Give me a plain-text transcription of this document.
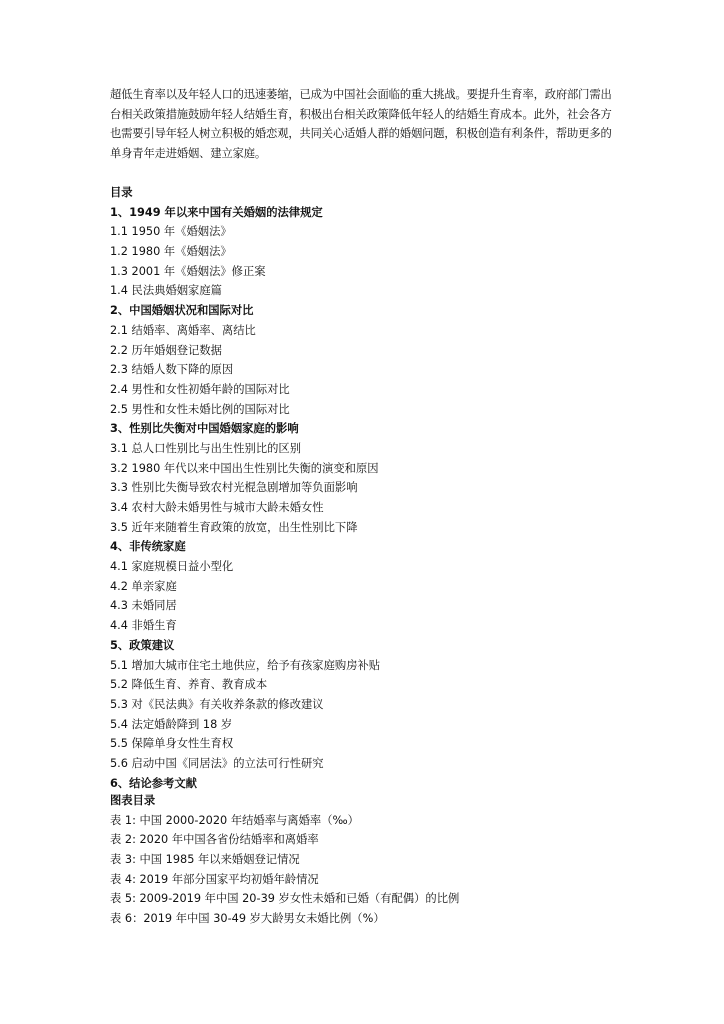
超低生育率以及年轻人口的迅速萎缩，已成为中国社会面临的重大挑战。要提升生育率，政府部门需出台相关政策措施鼓励年轻人结婚生育，积极出台相关政策降低年轻人的结婚生育成本。此外，社会各方也需要引导年轻人树立积极的婚恋观，共同关心适婚人群的婚姻问题，积极创造有利条件，帮助更多的单身青年走进婚姻、建立家庭。

目录
1、1949 年以来中国有关婚姻的法律规定
1.1 1950 年《婚姻法》
1.2 1980 年《婚姻法》
1.3 2001 年《婚姻法》修正案
1.4 民法典婚姻家庭篇
2、中国婚姻状况和国际对比
2.1 结婚率、离婚率、离结比
2.2 历年婚姻登记数据
2.3 结婚人数下降的原因
2.4 男性和女性初婚年龄的国际对比
2.5 男性和女性未婚比例的国际对比
3、性别比失衡对中国婚姻家庭的影响
3.1 总人口性别比与出生性别比的区别
3.2 1980 年代以来中国出生性别比失衡的演变和原因
3.3 性别比失衡导致农村光棍急剧增加等负面影响
3.4 农村大龄未婚男性与城市大龄未婚女性
3.5 近年来随着生育政策的放宽，出生性别比下降
4、非传统家庭
4.1 家庭规模日益小型化
4.2 单亲家庭
4.3 未婚同居
4.4 非婚生育
5、政策建议
5.1 增加大城市住宅土地供应，给予有孩家庭购房补贴
5.2 降低生育、养育、教育成本
5.3 对《民法典》有关收养条款的修改建议
5.4 法定婚龄降到 18 岁
5.5 保障单身女性生育权
5.6 启动中国《同居法》的立法可行性研究
6、结论参考文献
图表目录
表 1: 中国 2000-2020 年结婚率与离婚率（‰）
表 2: 2020 年中国各省份结婚率和离婚率
表 3: 中国 1985 年以来婚姻登记情况
表 4: 2019 年部分国家平均初婚年龄情况
表 5: 2009-2019 年中国 20-39 岁女性未婚和已婚（有配偶）的比例
表 6：2019 年中国 30-49 岁大龄男女未婚比例（%）
